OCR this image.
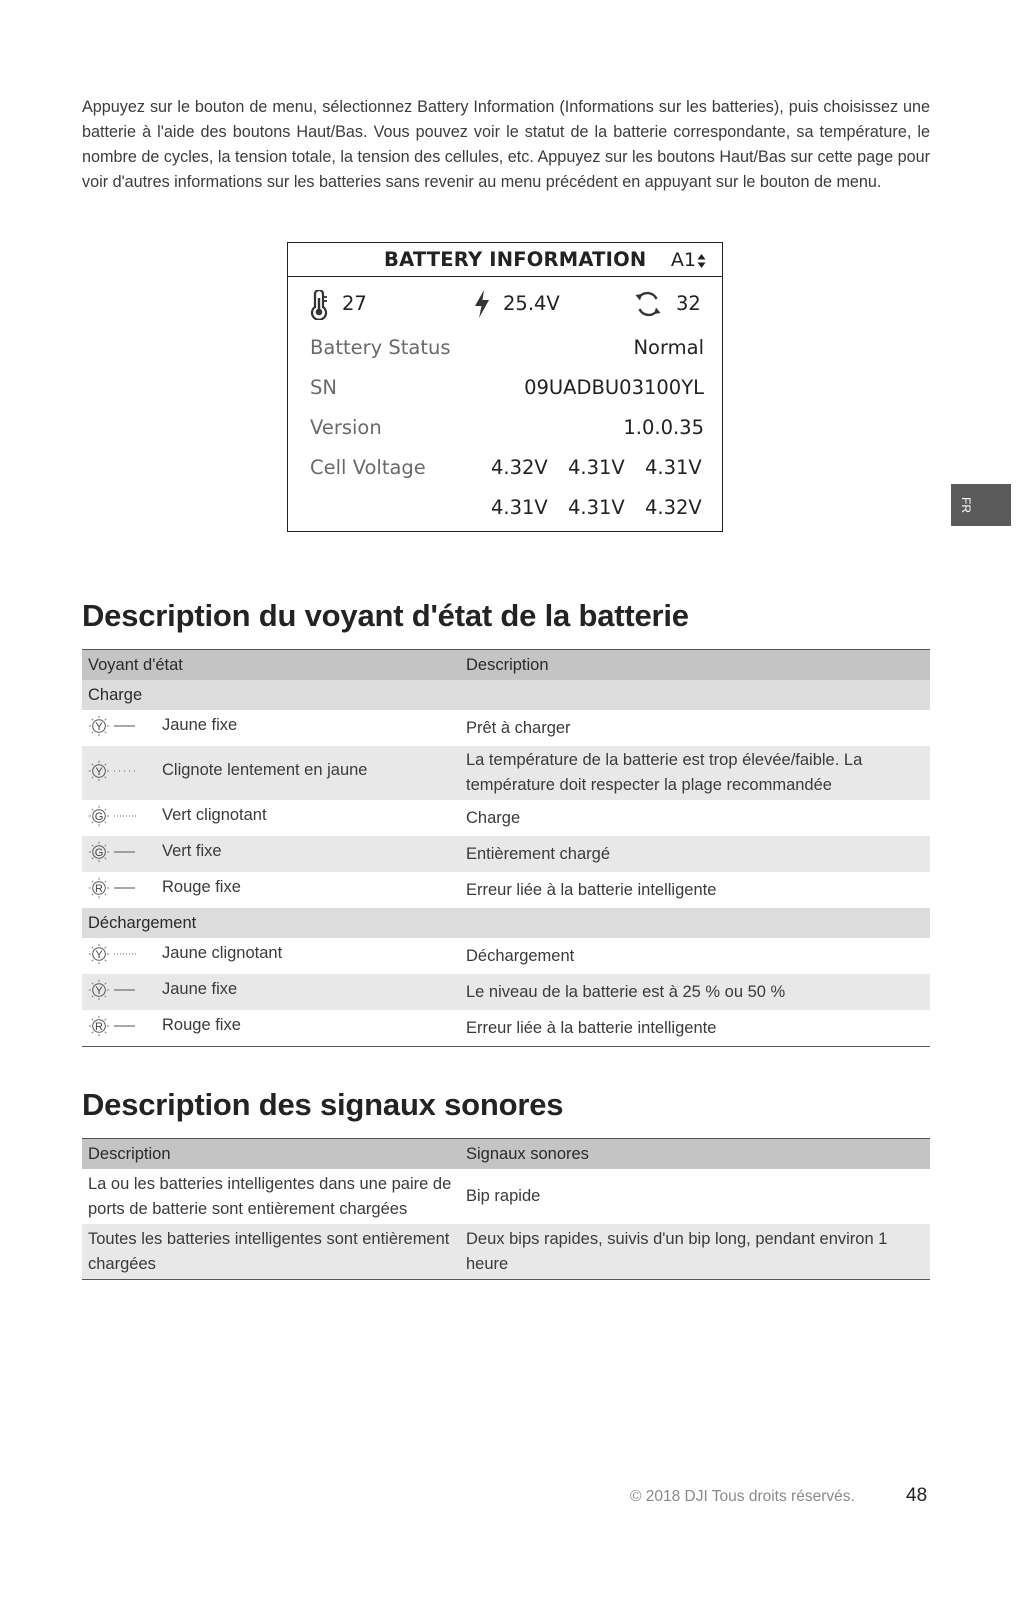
Appuyez sur le bouton de menu, sélectionnez Battery Information (Informations sur les batteries), puis choisissez une batterie à l'aide des boutons Haut/Bas. Vous pouvez voir le statut de la batterie correspondante, sa température, le nombre de cycles, la tension totale, la tension des cellules, etc. Appuyez sur les boutons Haut/Bas sur cette page pour voir d'autres informations sur les batteries sans revenir au menu précédent en appuyant sur le bouton de menu.

BATTERY INFORMATION A1
27	25.4V	32
Battery Status	Normal
SN	09UADBU03100YL
Version	1.0.0.35
Cell Voltage	4.32V 4.31V 4.31V
4.31V 4.31V 4.32V	FR
Description du voyant d'état de la batterie
Voyant d'état	Description
Charge	

Y Jaune fixe	Prêt à charger

Y Clignote lentement en jaune	La température de la batterie est trop élevée/faible. La température doit respecter la plage recommandée

G Vert clignotant	Charge

G Vert fixe	Entièrement chargé

R Rouge fixe	Erreur liée à la batterie intelligente
Déchargement	

Y Jaune clignotant	Déchargement

Y Jaune fixe	Le niveau de la batterie est à 25 % ou 50 %

R Rouge fixe	Erreur liée à la batterie intelligente
Description des signaux sonores
Description	Signaux sonores
La ou les batteries intelligentes dans une paire de ports de batterie sont entièrement chargées	Bip rapide
Toutes les batteries intelligentes sont entièrement chargées	Deux bips rapides, suivis d'un bip long, pendant environ 1 heure
© 2018 DJI Tous droits réservés.	48
